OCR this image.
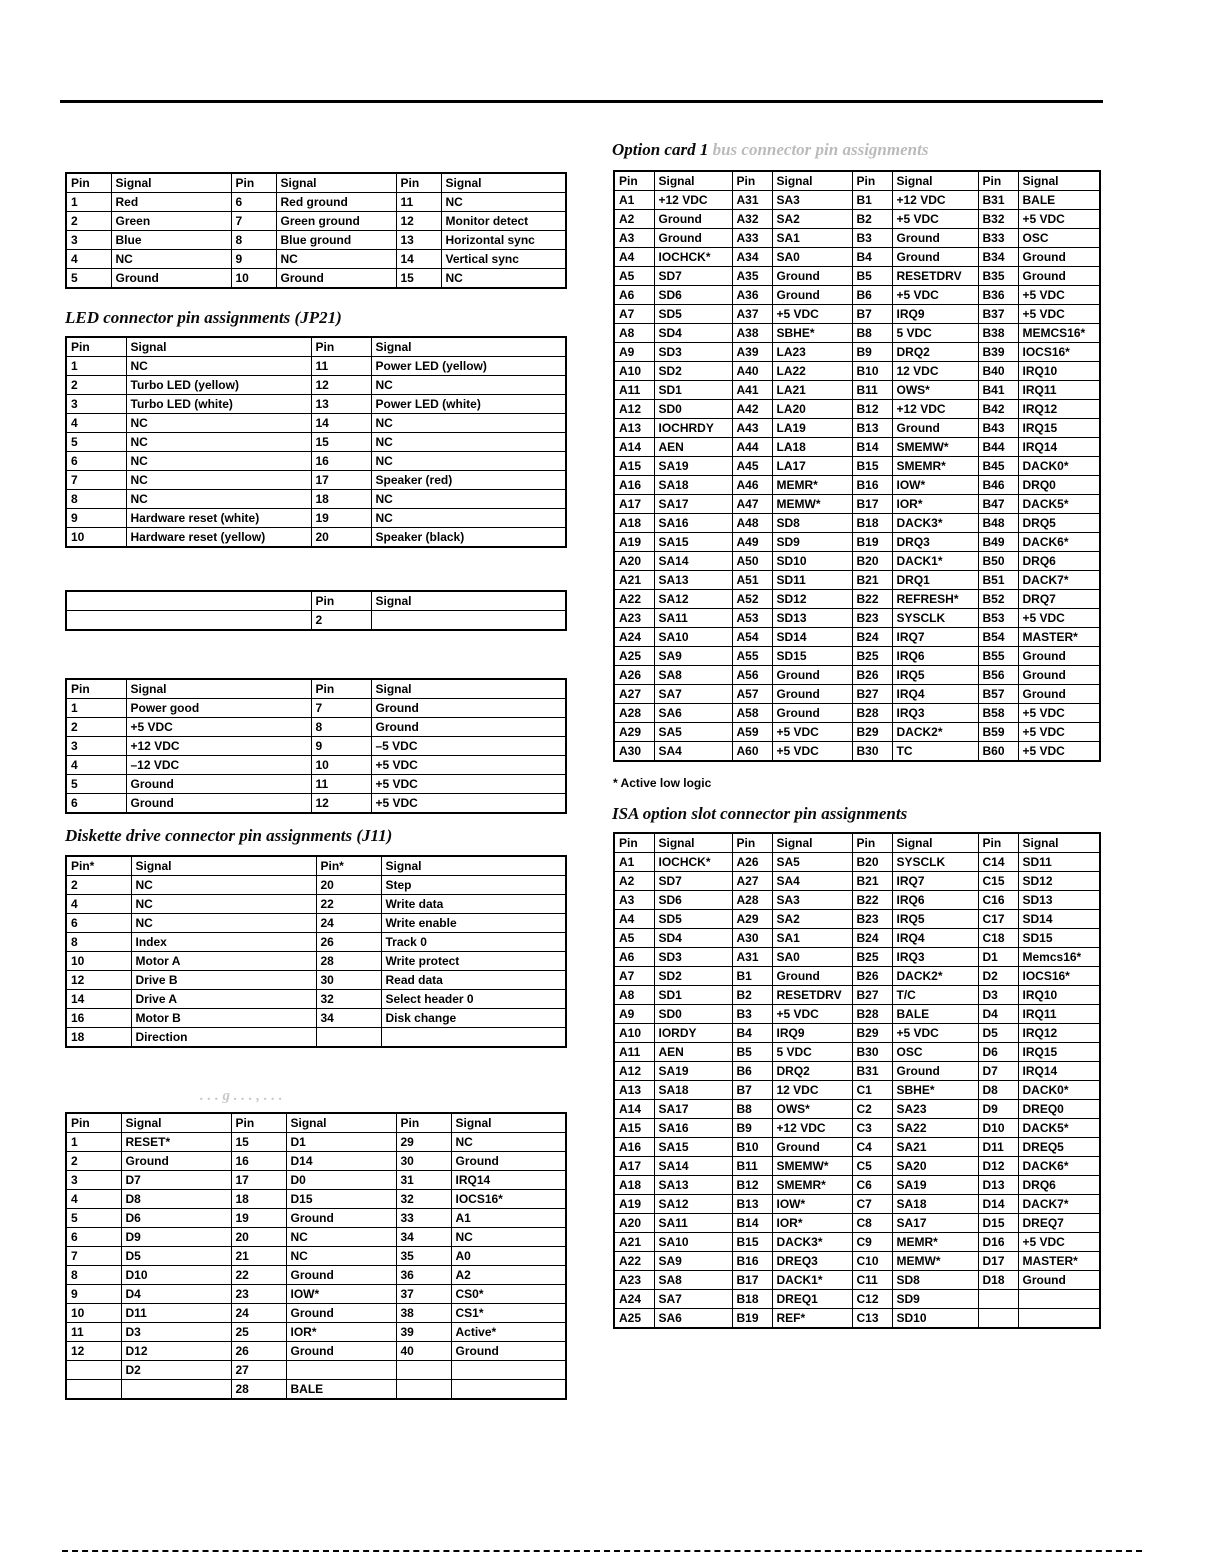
Pin	Signal	Pin	Signal	Pin	Signal
1	Red	6	Red ground	11	NC
2	Green	7	Green ground	12	Monitor detect
3	Blue	8	Blue ground	13	Horizontal sync
4	NC	9	NC	14	Vertical sync
5	Ground	10	Ground	15	NC
LED connector pin assignments (JP21)
Pin	Signal	Pin	Signal
1	NC	11	Power LED (yellow)
2	Turbo LED (yellow)	12	NC
3	Turbo LED (white)	13	Power LED (white)
4	NC	14	NC
5	NC	15	NC
6	NC	16	NC
7	NC	17	Speaker (red)
8	NC	18	NC
9	Hardware reset (white)	19	NC
10	Hardware reset (yellow)	20	Speaker (black)
	Pin	Signal
	2	
Pin	Signal	Pin	Signal
1	Power good	7	Ground
2	+5 VDC	8	Ground
3	+12 VDC	9	–5 VDC
4	–12 VDC	10	+5 VDC
5	Ground	11	+5 VDC
6	Ground	12	+5 VDC
Diskette drive connector pin assignments (J11)
Pin*	Signal	Pin*	Signal
2	NC	20	Step
4	NC	22	Write data
6	NC	24	Write enable
8	Index	26	Track 0
10	Motor A	28	Write protect
12	Drive B	30	Read data
14	Drive A	32	Select header 0
16	Motor B	34	Disk change
18	Direction		
. . . g . . . , . . .
Pin	Signal	Pin	Signal	Pin	Signal
1	RESET*	15	D1	29	NC
2	Ground	16	D14	30	Ground
3	D7	17	D0	31	IRQ14
4	D8	18	D15	32	IOCS16*
5	D6	19	Ground	33	A1
6	D9	20	NC	34	NC
7	D5	21	NC	35	A0
8	D10	22	Ground	36	A2
9	D4	23	IOW*	37	CS0*
10	D11	24	Ground	38	CS1*
11	D3	25	IOR*	39	Active*
12	D12	26	Ground	40	Ground
	D2	27			
		28	BALE		
Option card 1 bus connector pin assignments
Pin	Signal	Pin	Signal	Pin	Signal	Pin	Signal
A1	+12 VDC	A31	SA3	B1	+12 VDC	B31	BALE
A2	Ground	A32	SA2	B2	+5 VDC	B32	+5 VDC
A3	Ground	A33	SA1	B3	Ground	B33	OSC
A4	IOCHCK*	A34	SA0	B4	Ground	B34	Ground
A5	SD7	A35	Ground	B5	RESETDRV	B35	Ground
A6	SD6	A36	Ground	B6	+5 VDC	B36	+5 VDC
A7	SD5	A37	+5 VDC	B7	IRQ9	B37	+5 VDC
A8	SD4	A38	SBHE*	B8	5 VDC	B38	MEMCS16*
A9	SD3	A39	LA23	B9	DRQ2	B39	IOCS16*
A10	SD2	A40	LA22	B10	12 VDC	B40	IRQ10
A11	SD1	A41	LA21	B11	OWS*	B41	IRQ11
A12	SD0	A42	LA20	B12	+12 VDC	B42	IRQ12
A13	IOCHRDY	A43	LA19	B13	Ground	B43	IRQ15
A14	AEN	A44	LA18	B14	SMEMW*	B44	IRQ14
A15	SA19	A45	LA17	B15	SMEMR*	B45	DACK0*
A16	SA18	A46	MEMR*	B16	IOW*	B46	DRQ0
A17	SA17	A47	MEMW*	B17	IOR*	B47	DACK5*
A18	SA16	A48	SD8	B18	DACK3*	B48	DRQ5
A19	SA15	A49	SD9	B19	DRQ3	B49	DACK6*
A20	SA14	A50	SD10	B20	DACK1*	B50	DRQ6
A21	SA13	A51	SD11	B21	DRQ1	B51	DACK7*
A22	SA12	A52	SD12	B22	REFRESH*	B52	DRQ7
A23	SA11	A53	SD13	B23	SYSCLK	B53	+5 VDC
A24	SA10	A54	SD14	B24	IRQ7	B54	MASTER*
A25	SA9	A55	SD15	B25	IRQ6	B55	Ground
A26	SA8	A56	Ground	B26	IRQ5	B56	Ground
A27	SA7	A57	Ground	B27	IRQ4	B57	Ground
A28	SA6	A58	Ground	B28	IRQ3	B58	+5 VDC
A29	SA5	A59	+5 VDC	B29	DACK2*	B59	+5 VDC
A30	SA4	A60	+5 VDC	B30	TC	B60	+5 VDC
* Active low logic
ISA option slot connector pin assignments
Pin	Signal	Pin	Signal	Pin	Signal	Pin	Signal
A1	IOCHCK*	A26	SA5	B20	SYSCLK	C14	SD11
A2	SD7	A27	SA4	B21	IRQ7	C15	SD12
A3	SD6	A28	SA3	B22	IRQ6	C16	SD13
A4	SD5	A29	SA2	B23	IRQ5	C17	SD14
A5	SD4	A30	SA1	B24	IRQ4	C18	SD15
A6	SD3	A31	SA0	B25	IRQ3	D1	Memcs16*
A7	SD2	B1	Ground	B26	DACK2*	D2	IOCS16*
A8	SD1	B2	RESETDRV	B27	T/C	D3	IRQ10
A9	SD0	B3	+5 VDC	B28	BALE	D4	IRQ11
A10	IORDY	B4	IRQ9	B29	+5 VDC	D5	IRQ12
A11	AEN	B5	5 VDC	B30	OSC	D6	IRQ15
A12	SA19	B6	DRQ2	B31	Ground	D7	IRQ14
A13	SA18	B7	12 VDC	C1	SBHE*	D8	DACK0*
A14	SA17	B8	OWS*	C2	SA23	D9	DREQ0
A15	SA16	B9	+12 VDC	C3	SA22	D10	DACK5*
A16	SA15	B10	Ground	C4	SA21	D11	DREQ5
A17	SA14	B11	SMEMW*	C5	SA20	D12	DACK6*
A18	SA13	B12	SMEMR*	C6	SA19	D13	DRQ6
A19	SA12	B13	IOW*	C7	SA18	D14	DACK7*
A20	SA11	B14	IOR*	C8	SA17	D15	DREQ7
A21	SA10	B15	DACK3*	C9	MEMR*	D16	+5 VDC
A22	SA9	B16	DREQ3	C10	MEMW*	D17	MASTER*
A23	SA8	B17	DACK1*	C11	SD8	D18	Ground
A24	SA7	B18	DREQ1	C12	SD9		
A25	SA6	B19	REF*	C13	SD10		
